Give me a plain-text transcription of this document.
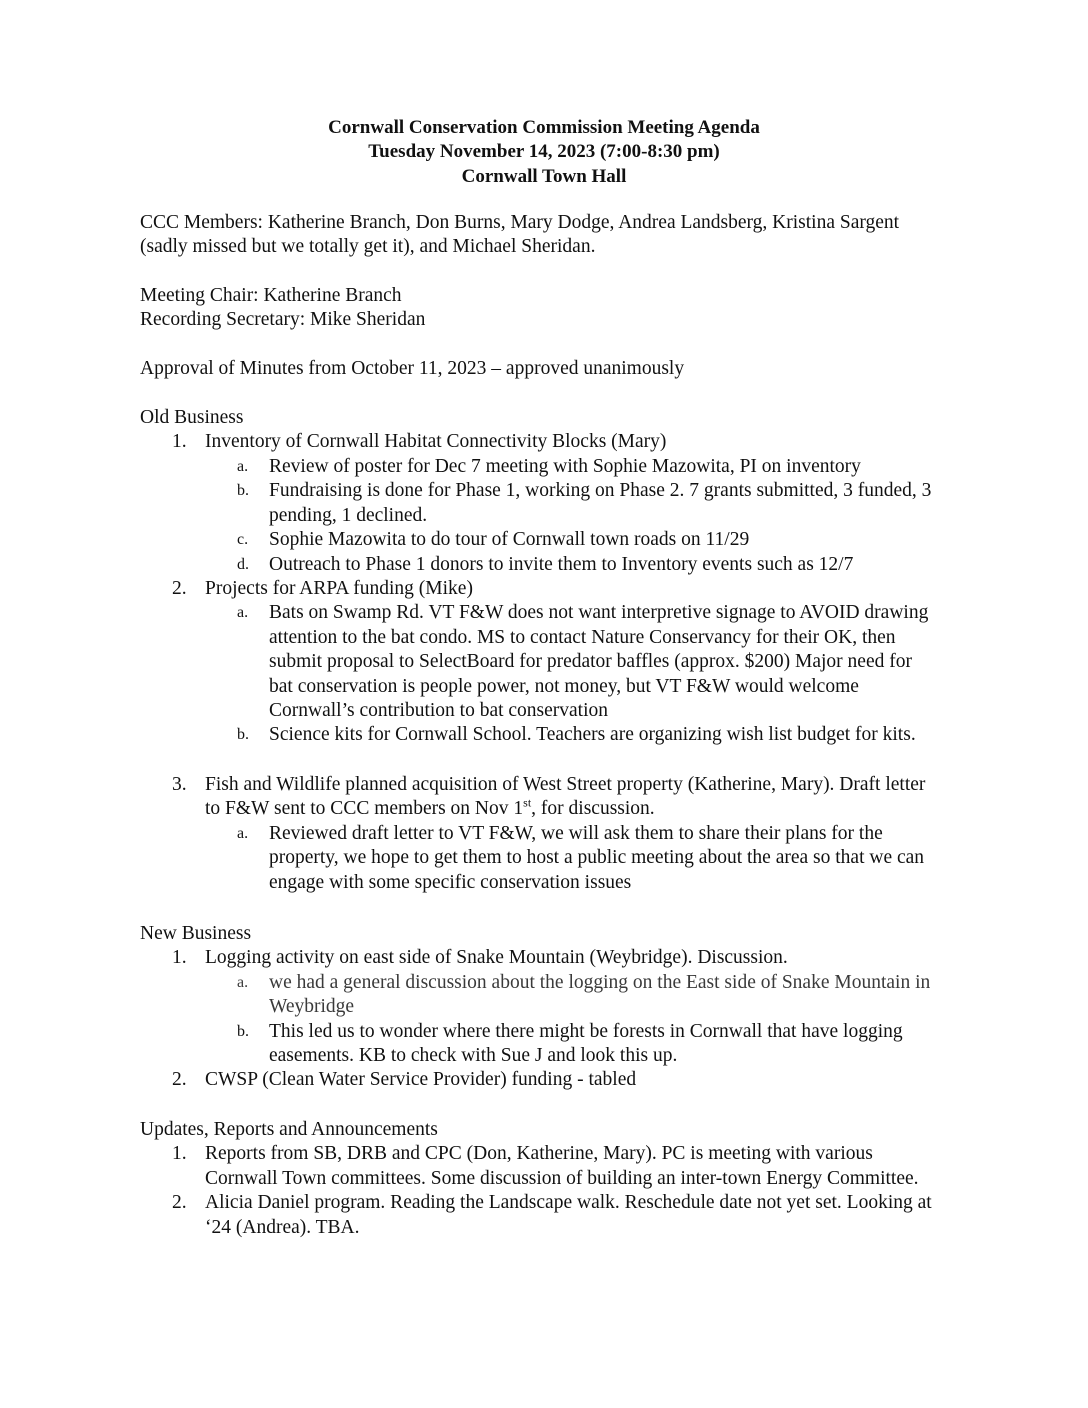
Cornwall Conservation Commission Meeting Agenda
Tuesday November 14, 2023 (7:00-8:30 pm)
Cornwall Town Hall
CCC Members: Katherine Branch, Don Burns, Mary Dodge, Andrea Landsberg, Kristina Sargent (sadly missed but we totally get it), and Michael Sheridan.
Meeting Chair: Katherine Branch
Recording Secretary: Mike Sheridan
Approval of Minutes from October 11, 2023 – approved unanimously
Old Business
1. Inventory of Cornwall Habitat Connectivity Blocks (Mary)
a. Review of poster for Dec 7 meeting with Sophie Mazowita, PI on inventory
b. Fundraising is done for Phase 1, working on Phase 2. 7 grants submitted, 3 funded, 3 pending, 1 declined.
c. Sophie Mazowita to do tour of Cornwall town roads on 11/29
d. Outreach to Phase 1 donors to invite them to Inventory events such as 12/7
2. Projects for ARPA funding (Mike)
a. Bats on Swamp Rd. VT F&W does not want interpretive signage to AVOID drawing attention to the bat condo. MS to contact Nature Conservancy for their OK, then submit proposal to SelectBoard for predator baffles (approx. $200) Major need for bat conservation is people power, not money, but VT F&W would welcome Cornwall’s contribution to bat conservation
b. Science kits for Cornwall School. Teachers are organizing wish list budget for kits.
3. Fish and Wildlife planned acquisition of West Street property (Katherine, Mary). Draft letter to F&W sent to CCC members on Nov 1st, for discussion.
a. Reviewed draft letter to VT F&W, we will ask them to share their plans for the property, we hope to get them to host a public meeting about the area so that we can engage with some specific conservation issues
New Business
1. Logging activity on east side of Snake Mountain (Weybridge). Discussion.
a. we had a general discussion about the logging on the East side of Snake Mountain in Weybridge
b. This led us to wonder where there might be forests in Cornwall that have logging easements. KB to check with Sue J and look this up.
2. CWSP (Clean Water Service Provider) funding - tabled
Updates, Reports and Announcements
1. Reports from SB, DRB and CPC (Don, Katherine, Mary). PC is meeting with various Cornwall Town committees. Some discussion of building an inter-town Energy Committee.
2. Alicia Daniel program. Reading the Landscape walk. Reschedule date not yet set. Looking at ‘24 (Andrea). TBA.
